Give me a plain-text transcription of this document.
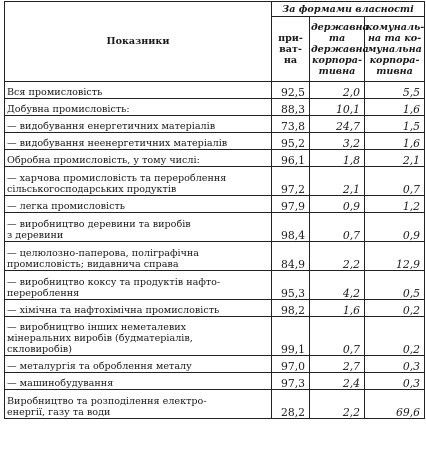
Показники	За формами власності		

	при-
ват-
на	державна
та
державна
корпора-
тивна	комуналь-
на та ко-
мунальна
корпора-
тивна

Вся промисловість	92,5	2,0	5,5
Добувна промисловість:	88,3	10,1	1,6
— видобування енергетичних матеріалів	73,8	24,7	1,5
— видобування неенергетичних матеріалів	95,2	3,2	1,6
Обробна промисловість, у тому числі:	96,1	1,8	2,1
— харчова промисловість та перероблення
сільськогосподарських продуктів	97,2	2,1	0,7
— легка промисловість	97,9	0,9	1,2
— виробництво деревини та виробів
з деревини	98,4	0,7	0,9
— целюлозно-паперова, поліграфічна
промисловість; видавнича справа	84,9	2,2	12,9
— виробництво коксу та продуктів нафто-
перероблення	95,3	4,2	0,5
— хімічна та нафтохімічна промисловість	98,2	1,6	0,2
— виробництво інших неметалевих
мінеральних виробів (будматеріалів,
скловиробів)	99,1	0,7	0,2
— металургія та оброблення металу	97,0	2,7	0,3
— машинобудування	97,3	2,4	0,3
Виробництво та розподілення електро-
енергії, газу та води	28,2	2,2	69,6
